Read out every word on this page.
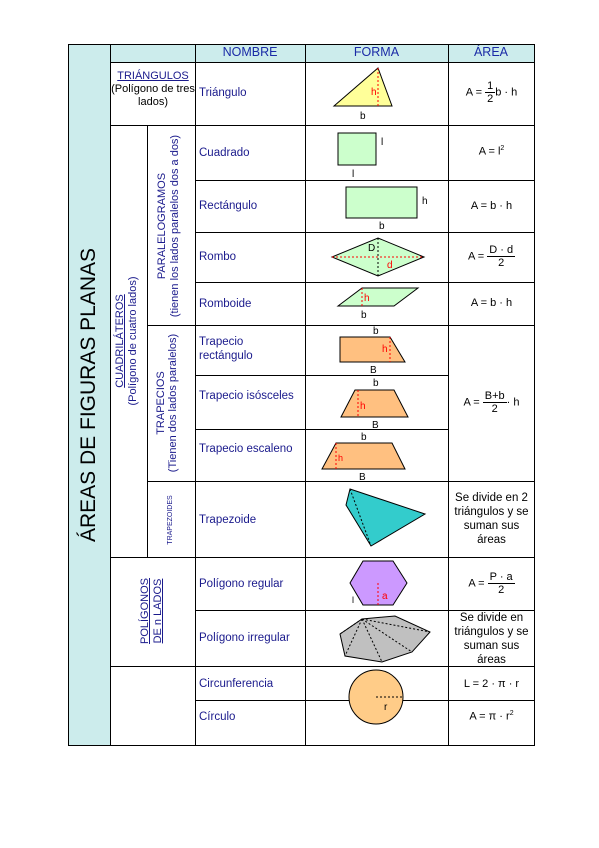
ÁREAS DE FIGURAS PLANAS
NOMBRE	FORMA	ÁREA
TRIÁNGULOS
(Polígono de tres lados)
CUADRILÁTEROS
(Polígono de cuatro lados)
PARALELOGRAMOS
(tienen los lados paralelos dos a dos)
TRAPECIOS
(Tienen dos lados paralelos)
TRAPEZOIDES
POLÍGONOS
DE n LADOS
Triángulo
Cuadrado
Rectángulo
Rombo
Romboide
Trapecio rectángulo
Trapecio isósceles
Trapecio escaleno
Trapezoide
Polígono regular
Polígono irregular
Circunferencia
Círculo
$A = \frac{1}{2}$ b · h
$A = l^2$
A = b · h
$A = \frac{D \cdot d}{2}$
A = b · h
$A = \frac{B+b}{2} \cdot h$
Se divide en 2 triángulos y se suman sus áreas
$A = \frac{P \cdot a}{2}$
Se divide en triángulos y se suman sus áreas
L = 2 · π · r
$A = \pi \cdot r^2$
h
b
l
l
h
b
D
d
h
b
b
h
B
b
h
B
b
h
B
a
l
r
